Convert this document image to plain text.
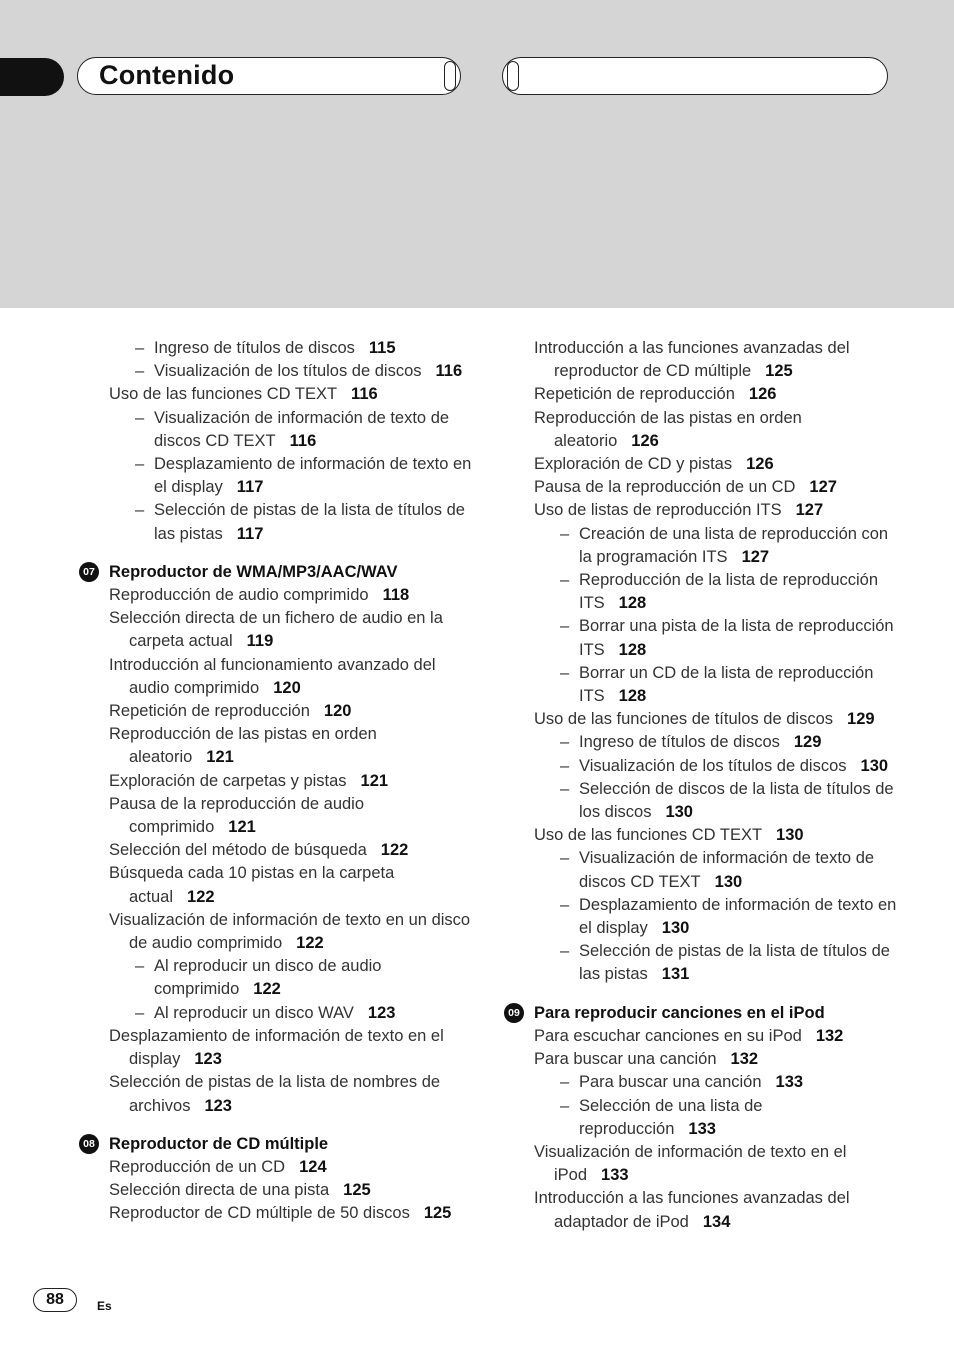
Contenido
– Ingreso de títulos de discos 115
– Visualización de los títulos de discos 116
Uso de las funciones CD TEXT 116
– Visualización de información de texto de discos CD TEXT 116
– Desplazamiento de información de texto en el display 117
– Selección de pistas de la lista de títulos de las pistas 117
07 Reproductor de WMA/MP3/AAC/WAV
Reproducción de audio comprimido 118
Selección directa de un fichero de audio en la carpeta actual 119
Introducción al funcionamiento avanzado del audio comprimido 120
Repetición de reproducción 120
Reproducción de las pistas en orden aleatorio 121
Exploración de carpetas y pistas 121
Pausa de la reproducción de audio comprimido 121
Selección del método de búsqueda 122
Búsqueda cada 10 pistas en la carpeta actual 122
Visualización de información de texto en un disco de audio comprimido 122
– Al reproducir un disco de audio comprimido 122
– Al reproducir un disco WAV 123
Desplazamiento de información de texto en el display 123
Selección de pistas de la lista de nombres de archivos 123
08 Reproductor de CD múltiple
Reproducción de un CD 124
Selección directa de una pista 125
Reproductor de CD múltiple de 50 discos 125
Introducción a las funciones avanzadas del reproductor de CD múltiple 125
Repetición de reproducción 126
Reproducción de las pistas en orden aleatorio 126
Exploración de CD y pistas 126
Pausa de la reproducción de un CD 127
Uso de listas de reproducción ITS 127
– Creación de una lista de reproducción con la programación ITS 127
– Reproducción de la lista de reproducción ITS 128
– Borrar una pista de la lista de reproducción ITS 128
– Borrar un CD de la lista de reproducción ITS 128
Uso de las funciones de títulos de discos 129
– Ingreso de títulos de discos 129
– Visualización de los títulos de discos 130
– Selección de discos de la lista de títulos de los discos 130
Uso de las funciones CD TEXT 130
– Visualización de información de texto de discos CD TEXT 130
– Desplazamiento de información de texto en el display 130
– Selección de pistas de la lista de títulos de las pistas 131
09 Para reproducir canciones en el iPod
Para escuchar canciones en su iPod 132
Para buscar una canción 132
– Para buscar una canción 133
– Selección de una lista de reproducción 133
Visualización de información de texto en el iPod 133
Introducción a las funciones avanzadas del adaptador de iPod 134
88	Es
